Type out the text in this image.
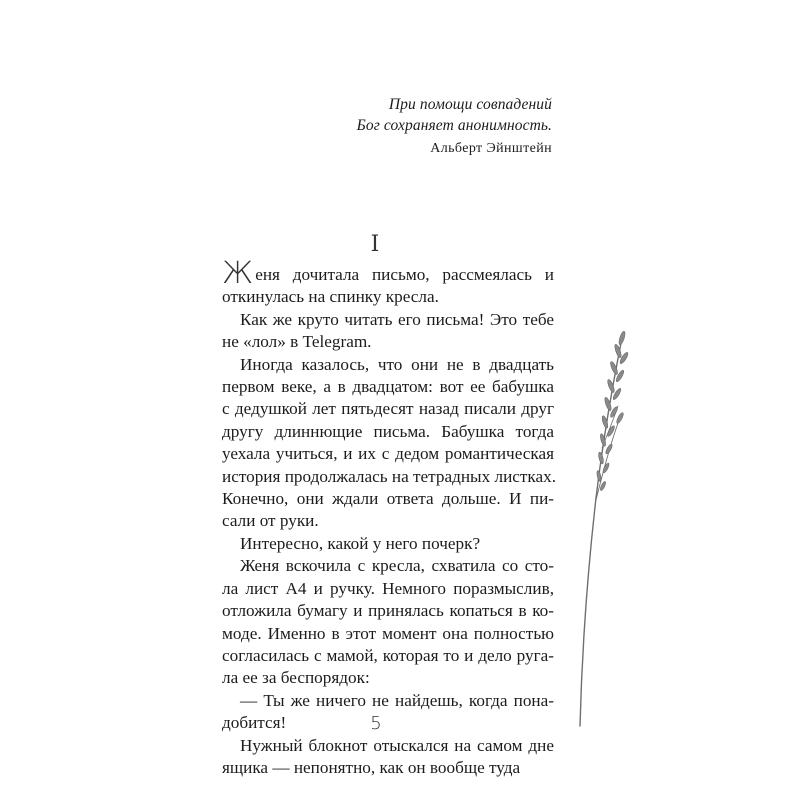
При помощи совпадений
Бог сохраняет анонимность.
Альберт Эйнштейн
I
Женя дочитала письмо, рассмеялась и
откинулась на спинку кресла.
Как же круто читать его письма! Это тебе
не «лол» в Telegram.
Иногда казалось, что они не в двадцать
первом веке, а в двадцатом: вот ее бабушка
с дедушкой лет пятьдесят назад писали друг
другу длиннющие письма. Бабушка тогда
уехала учиться, и их с дедом романтическая
история продолжалась на тетрадных листках.
Конечно, они ждали ответа дольше. И пи-
сали от руки.
Интересно, какой у него почерк?
Женя вскочила с кресла, схватила со сто-
ла лист А4 и ручку. Немного поразмыслив,
отложила бумагу и принялась копаться в ко-
моде. Именно в этот момент она полностью
согласилась с мамой, которая то и дело руга-
ла ее за беспорядок:
— Ты же ничего не найдешь, когда пона-
добится!
Нужный блокнот отыскался на самом дне
ящика — непонятно, как он вообще туда
5
